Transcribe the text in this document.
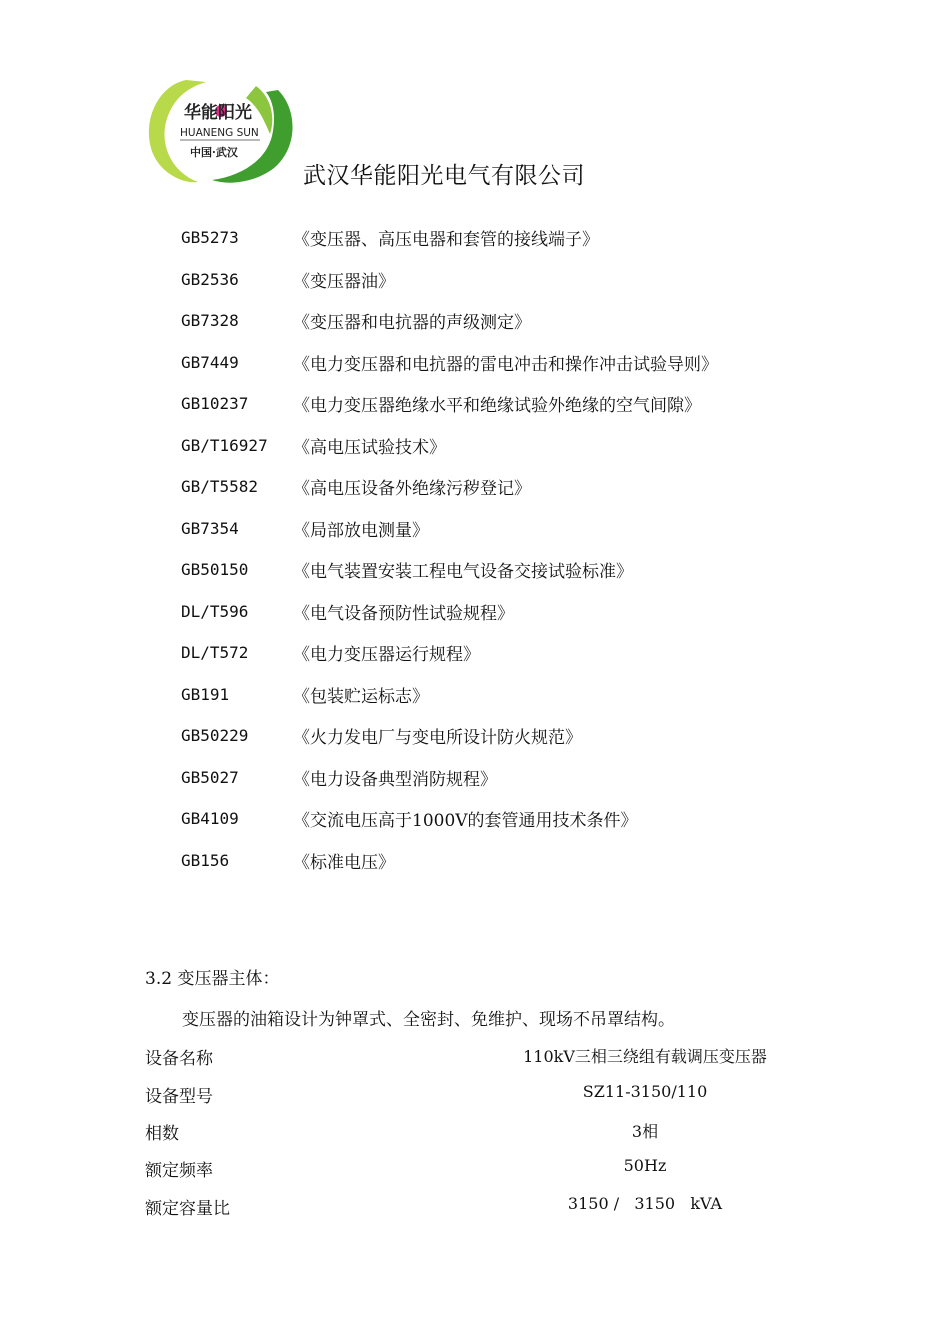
华能阳光
HUANENG SUN
中国·武汉
武汉华能阳光电气有限公司
GB5273	《变压器、高压电器和套管的接线端子》
GB2536	《变压器油》
GB7328	《变压器和电抗器的声级测定》
GB7449	《电力变压器和电抗器的雷电冲击和操作冲击试验导则》
GB10237	《电力变压器绝缘水平和绝缘试验外绝缘的空气间隙》
GB/T16927	《高电压试验技术》
GB/T5582	《高电压设备外绝缘污秽登记》
GB7354	《局部放电测量》
GB50150	《电气装置安装工程电气设备交接试验标准》
DL/T596	《电气设备预防性试验规程》
DL/T572	《电力变压器运行规程》
GB191	《包装贮运标志》
GB50229	《火力发电厂与变电所设计防火规范》
GB5027	《电力设备典型消防规程》
GB4109	《交流电压高于1000V的套管通用技术条件》
GB156	《标准电压》
3.2 变压器主体：
变压器的油箱设计为钟罩式、全密封、免维护、现场不吊罩结构。
设备名称	110kV三相三绕组有载调压变压器
设备型号	SZ11-3150/110
相数	3相
额定频率	50Hz
额定容量比	3150 /   3150   kVA
